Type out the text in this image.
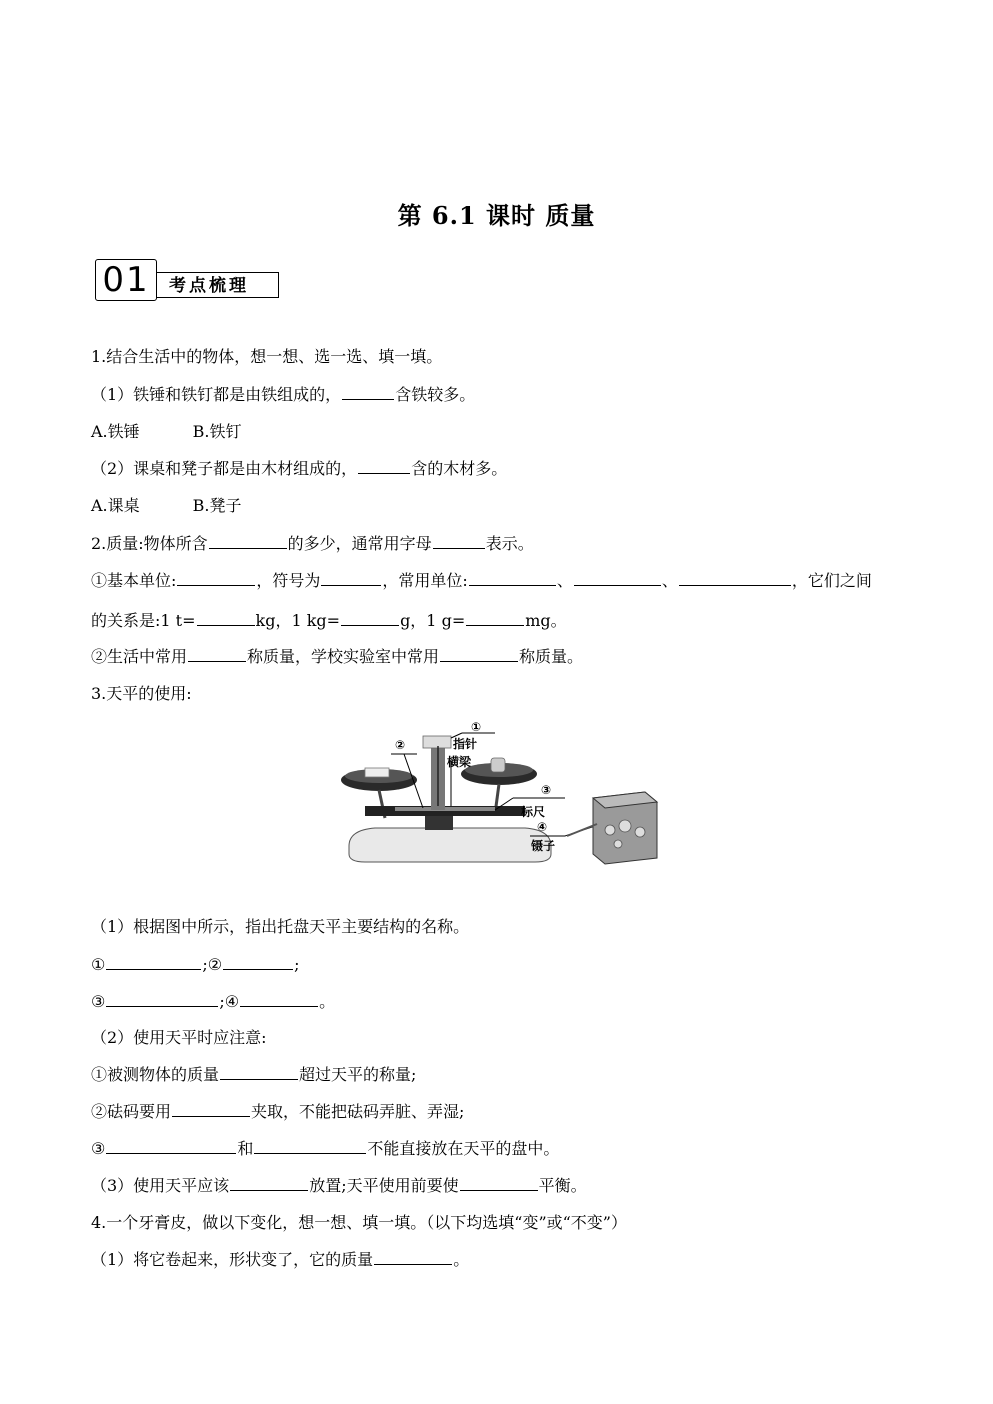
第 6.1 课时 质量
01	考点梳理
1.结合生活中的物体，想一想、选一选、填一填。
（1）铁锤和铁钉都是由铁组成的，	含铁较多。
A.铁锤	B.铁钉
（2）课桌和凳子都是由木材组成的，	含的木材多。
A.课桌	B.凳子
2.质量:物体所含	的多少，通常用字母	表示。
①基本单位:	，符号为	，常用单位:	、	、	，它们之间
的关系是:1 t=	kg，1 kg=	g，1 g=	mg。
②生活中常用	称质量，学校实验室中常用	称质量。
3.天平的使用:
①
指针
②
横梁
③
标尺
④
镊子
（1）根据图中所示，指出托盘天平主要结构的名称。
①	;②	;
③	;④	。
（2）使用天平时应注意:
①被测物体的质量	超过天平的称量;
②砝码要用	夹取，不能把砝码弄脏、弄湿;
③	和	不能直接放在天平的盘中。
（3）使用天平应该	放置;天平使用前要使	平衡。
4.一个牙膏皮，做以下变化，想一想、填一填。（以下均选填“变”或“不变”）
（1）将它卷起来，形状变了，它的质量	。
